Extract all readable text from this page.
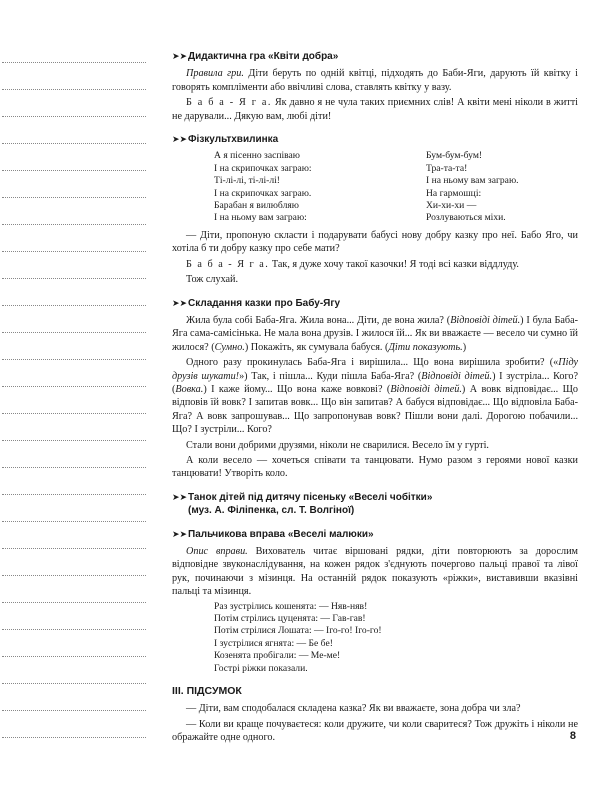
➤➤ Дидактична гра «Квіти добра»

Правила гри. Діти беруть по одній квітці, підходять до Баби-Яги, дарують їй квітку і говорять компліменти або ввічливі слова, ставлять квітку у вазу.

Б а б а - Я г а. Як давно я не чула таких приємних слів! А квіти мені ніколи в житті не дарували... Дякую вам, любі діти!

➤➤ Фізкультхвилинка
А я пісенно заспіваю	Бум-бум-бум!
І на скрипочках заграю:	Тра-та-та!
Ті-лі-лі, ті-лі-лі!	І на ньому вам заграю.
І на скрипочках заграю.	На гармошці:
Барабан я вилюбляю	Хи-хи-хи —
І на ньому вам заграю:	Розлуваються міхи.

— Діти, пропоную скласти і подарувати бабусі нову добру казку про неї. Бабо Яго, чи хотіла б ти добру казку про себе мати?

Б а б а - Я г а. Так, я дуже хочу такої казочки! Я тоді всі казки віддлуду.

Тож слухай.

➤➤ Складання казки про Бабу-Ягу

Жила була собі Баба-Яга. Жила вона... Діти, де вона жила? (Відповіді дітей.) І була Баба-Яга сама-самісінька. Не мала вона друзів. І жилося їй... Як ви вважаєте — весело чи сумно їй жилося? (Сумно.) Покажіть, як сумувала бабуся. (Діти показують.)

Одного разу прокинулась Баба-Яга і вирішила... Що вона вирішила зробити? («Піду друзів шукати!») Так, і пішла... Куди пішла Баба-Яга? (Відповіді дітей.) І зустріла... Кого? (Вовка.) І каже йому... Що вона каже вовкові? (Відповіді дітей.) А вовк відповідає... Що відповів їй вовк? І запитав вовк... Що він запитав? А бабуся відповідає... Що відповіла Баба-Яга? А вовк запрошував... Що запропонував вовк? Пішли вони далі. Дорогою побачили... Що? І зустріли... Кого?

Стали вони добрими друзями, ніколи не сварилися. Весело їм у гурті.

А коли весело — хочеться співати та танцювати. Нумо разом з героями нової казки танцювати! Утворіть коло.

➤➤ Танок дітей під дитячу пісеньку «Веселі чобітки»
(муз. А. Філіпенка, сл. Т. Волгіної)
➤➤ Пальчикова вправа «Веселі малюки»

Опис вправи. Вихователь читає віршовані рядки, діти повторюють за дорослим відповідне звуконаслідування, на кожен рядок з'єднують почергово пальці правої та лівої рук, починаючи з мізинця. На останній рядок показують «ріжки», виставивши вказівні пальці та мізинця.

Раз зустрілись кошенята: — Няв-няв!
Потім стрілись цуценята: — Гав-гав!
Потім стрілися Лошата: — Іго-го! Іго-го!
І зустрілися ягнята: — Бе бе!
Козенята пробігали: — Ме-ме!
Гострі ріжки показали.
III. ПІДСУМОК

— Діти, вам сподобалася складена казка? Як ви вважаєте, зона добра чи зла?

— Коли ви краще почуваєтеся: коли дружите, чи коли сваритеся? Тож дружіть і ніколи не ображайте одне одного.	8
